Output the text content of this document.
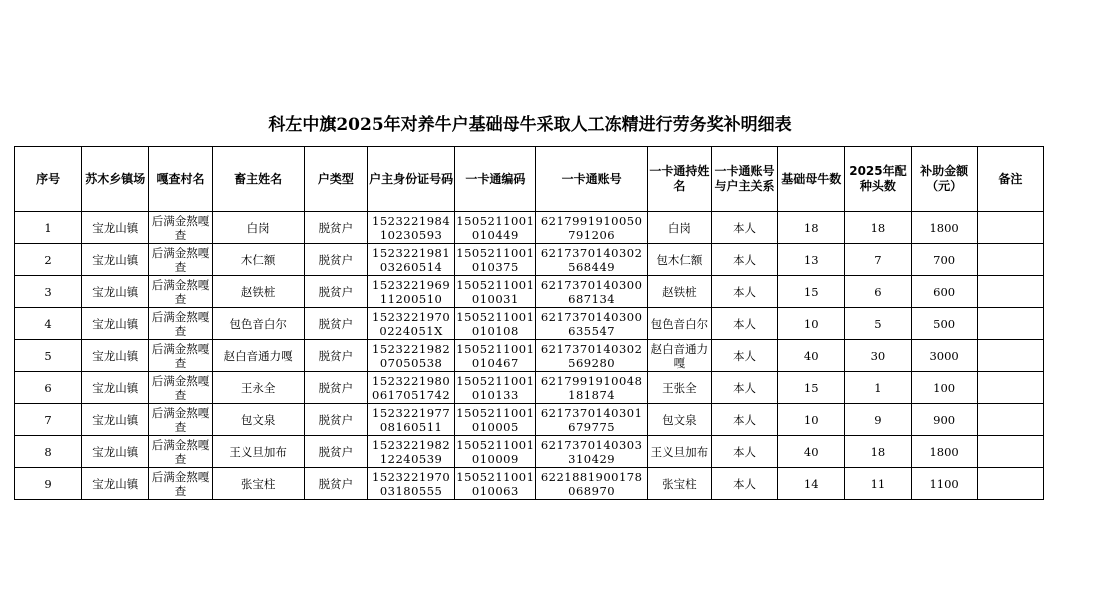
科左中旗2025年对养牛户基础母牛采取人工冻精进行劳务奖补明细表
序号	苏木乡镇场	嘎查村名	畜主姓名	户类型	户主身份证号码	一卡通编码	一卡通账号	一卡通持姓名	一卡通账号与户主关系	基础母牛数	2025年配种头数	补助金额（元）	备注
1	宝龙山镇	后满金熬嘎查	白岗	脱贫户	152322198410230593	1505211001010449	6217991910050791206	白岗	本人	18	18	1800	
2	宝龙山镇	后满金熬嘎查	木仁额	脱贫户	152322198103260514	1505211001010375	6217370140302568449	包木仁额	本人	13	7	700	
3	宝龙山镇	后满金熬嘎查	赵铁桩	脱贫户	152322196911200510	1505211001010031	6217370140300687134	赵铁桩	本人	15	6	600	
4	宝龙山镇	后满金熬嘎查	包色音白尔	脱贫户	15232219700224051X	1505211001010108	6217370140300635547	包色音白尔	本人	10	5	500	
5	宝龙山镇	后满金熬嘎查	赵白音通力嘎	脱贫户	152322198207050538	1505211001010467	6217370140302569280	赵白音通力嘎	本人	40	30	3000	
6	宝龙山镇	后满金熬嘎查	王永全	脱贫户	15232219800617051742	1505211001010133	6217991910048181874	王张全	本人	15	1	100	
7	宝龙山镇	后满金熬嘎查	包文泉	脱贫户	152322197708160511	1505211001010005	6217370140301679775	包文泉	本人	10	9	900	
8	宝龙山镇	后满金熬嘎查	王义旦加布	脱贫户	152322198212240539	1505211001010009	6217370140303310429	王义旦加布	本人	40	18	1800	
9	宝龙山镇	后满金熬嘎查	张宝柱	脱贫户	152322197003180555	1505211001010063	6221881900178068970	张宝柱	本人	14	11	1100	
